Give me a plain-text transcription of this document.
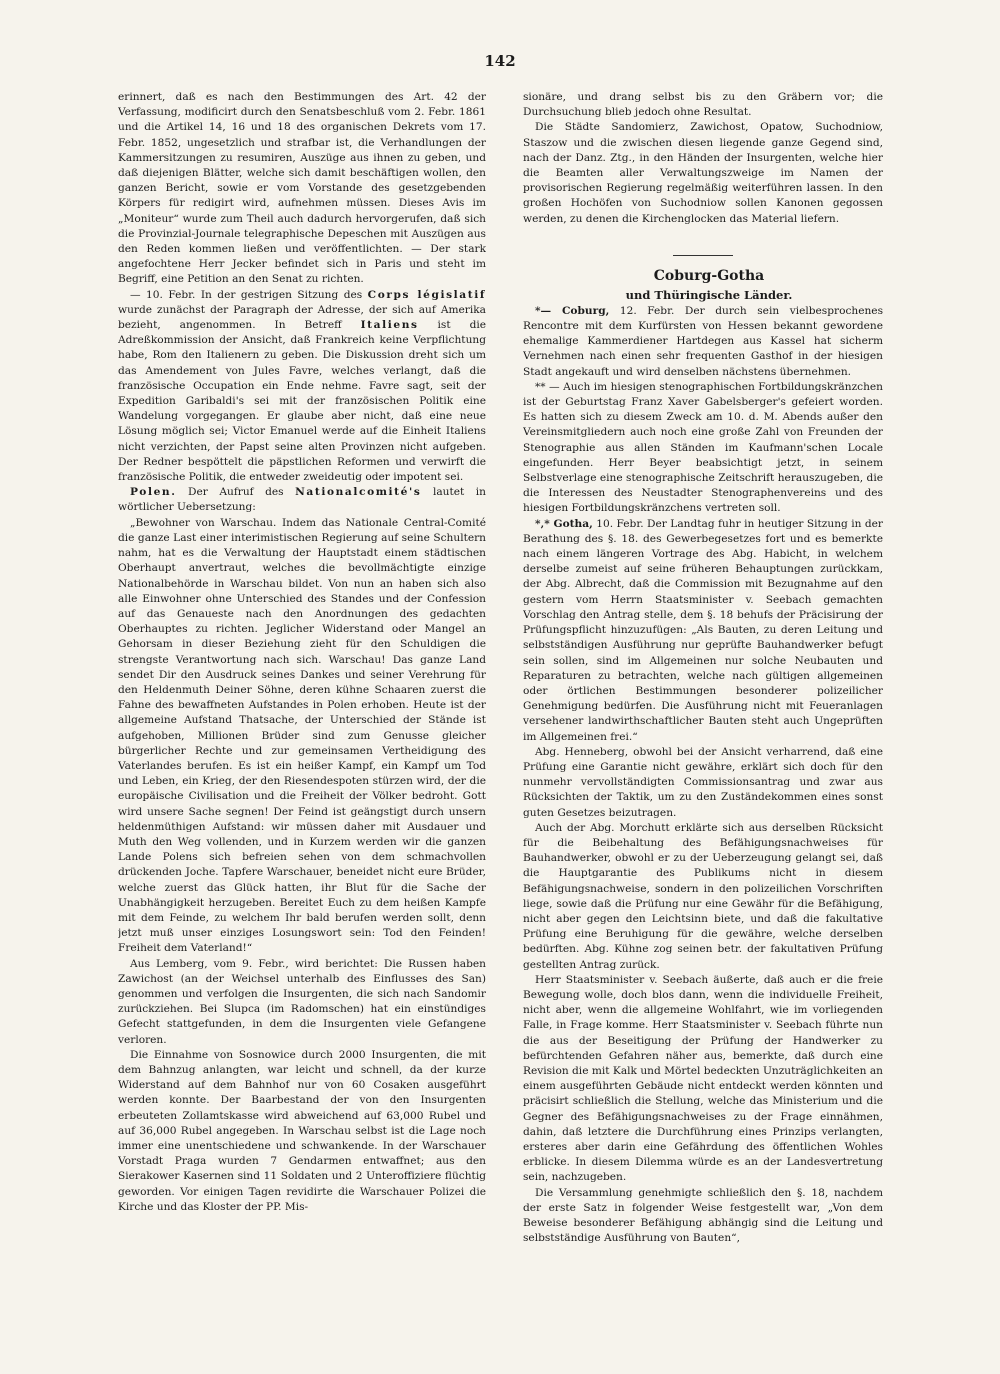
142

erinnert, daß es nach den Bestimmungen des Art. 42 der Verfassung, modificirt durch den Senatsbeschluß vom 2. Febr. 1861 und die Artikel 14, 16 und 18 des organischen Dekrets vom 17. Febr. 1852, ungesetzlich und strafbar ist, die Verhandlungen der Kammersitzungen zu resumiren, Auszüge aus ihnen zu geben, und daß diejenigen Blätter, welche sich damit beschäftigen wollen, den ganzen Bericht, sowie er vom Vorstande des gesetzgebenden Körpers für redigirt wird, aufnehmen müssen. Dieses Avis im „Moniteur“ wurde zum Theil auch dadurch hervorgerufen, daß sich die Provinzial-Journale telegraphische Depeschen mit Auszügen aus den Reden kommen ließen und veröffentlichten. — Der stark angefochtene Herr Jecker befindet sich in Paris und steht im Begriff, eine Petition an den Senat zu richten.

— 10. Febr. In der gestrigen Sitzung des Corps législatif wurde zunächst der Paragraph der Adresse, der sich auf Amerika bezieht, angenommen. In Betreff Italiens ist die Adreßkommission der Ansicht, daß Frankreich keine Verpflichtung habe, Rom den Italienern zu geben. Die Diskussion dreht sich um das Amendement von Jules Favre, welches verlangt, daß die französische Occupation ein Ende nehme. Favre sagt, seit der Expedition Garibaldi's sei mit der französischen Politik eine Wandelung vorgegangen. Er glaube aber nicht, daß eine neue Lösung möglich sei; Victor Emanuel werde auf die Einheit Italiens nicht verzichten, der Papst seine alten Provinzen nicht aufgeben. Der Redner bespöttelt die päpstlichen Reformen und verwirft die französische Politik, die entweder zweideutig oder impotent sei.

Polen. Der Aufruf des Nationalcomité's lautet in wörtlicher Uebersetzung:

„Bewohner von Warschau. Indem das Nationale Central-Comité die ganze Last einer interimistischen Regierung auf seine Schultern nahm, hat es die Verwaltung der Hauptstadt einem städtischen Oberhaupt anvertraut, welches die bevollmächtigte einzige Nationalbehörde in Warschau bildet. Von nun an haben sich also alle Einwohner ohne Unterschied des Standes und der Confession auf das Genaueste nach den Anordnungen des gedachten Oberhauptes zu richten. Jeglicher Widerstand oder Mangel an Gehorsam in dieser Beziehung zieht für den Schuldigen die strengste Verantwortung nach sich. Warschau! Das ganze Land sendet Dir den Ausdruck seines Dankes und seiner Verehrung für den Heldenmuth Deiner Söhne, deren kühne Schaaren zuerst die Fahne des bewaffneten Aufstandes in Polen erhoben. Heute ist der allgemeine Aufstand Thatsache, der Unterschied der Stände ist aufgehoben, Millionen Brüder sind zum Genusse gleicher bürgerlicher Rechte und zur gemeinsamen Vertheidigung des Vaterlandes berufen. Es ist ein heißer Kampf, ein Kampf um Tod und Leben, ein Krieg, der den Riesendespoten stürzen wird, der die europäische Civilisation und die Freiheit der Völker bedroht. Gott wird unsere Sache segnen! Der Feind ist geängstigt durch unsern heldenmüthigen Aufstand: wir müssen daher mit Ausdauer und Muth den Weg vollenden, und in Kurzem werden wir die ganzen Lande Polens sich befreien sehen von dem schmachvollen drückenden Joche. Tapfere Warschauer, beneidet nicht eure Brüder, welche zuerst das Glück hatten, ihr Blut für die Sache der Unabhängigkeit herzugeben. Bereitet Euch zu dem heißen Kampfe mit dem Feinde, zu welchem Ihr bald berufen werden sollt, denn jetzt muß unser einziges Losungswort sein: Tod den Feinden! Freiheit dem Vaterland!“

Aus Lemberg, vom 9. Febr., wird berichtet: Die Russen haben Zawichost (an der Weichsel unterhalb des Einflusses des San) genommen und verfolgen die Insurgenten, die sich nach Sandomir zurückziehen. Bei Slupca (im Radomschen) hat ein einstündiges Gefecht stattgefunden, in dem die Insurgenten viele Gefangene verloren.

Die Einnahme von Sosnowice durch 2000 Insurgenten, die mit dem Bahnzug anlangten, war leicht und schnell, da der kurze Widerstand auf dem Bahnhof nur von 60 Cosaken ausgeführt werden konnte. Der Baarbestand der von den Insurgenten erbeuteten Zollamtskasse wird abweichend auf 63,000 Rubel und auf 36,000 Rubel angegeben. In Warschau selbst ist die Lage noch immer eine unentschiedene und schwankende. In der Warschauer Vorstadt Praga wurden 7 Gendarmen entwaffnet; aus den Sierakower Kasernen sind 11 Soldaten und 2 Unteroffiziere flüchtig geworden. Vor einigen Tagen revidirte die Warschauer Polizei die Kirche und das Kloster der PP. Mis-

sionäre, und drang selbst bis zu den Gräbern vor; die Durchsuchung blieb jedoch ohne Resultat.

Die Städte Sandomierz, Zawichost, Opatow, Suchodniow, Staszow und die zwischen diesen liegende ganze Gegend sind, nach der Danz. Ztg., in den Händen der Insurgenten, welche hier die Beamten aller Verwaltungszweige im Namen der provisorischen Regierung regelmäßig weiterführen lassen. In den großen Hochöfen von Suchodniow sollen Kanonen gegossen werden, zu denen die Kirchenglocken das Material liefern.

Coburg-Gotha

und Thüringische Länder.

*— Coburg, 12. Febr. Der durch sein vielbesprochenes Rencontre mit dem Kurfürsten von Hessen bekannt gewordene ehemalige Kammerdiener Hartdegen aus Kassel hat sicherm Vernehmen nach einen sehr frequenten Gasthof in der hiesigen Stadt angekauft und wird denselben nächstens übernehmen.

** — Auch im hiesigen stenographischen Fortbildungskränzchen ist der Geburtstag Franz Xaver Gabelsberger's gefeiert worden. Es hatten sich zu diesem Zweck am 10. d. M. Abends außer den Vereinsmitgliedern auch noch eine große Zahl von Freunden der Stenographie aus allen Ständen im Kaufmann'schen Locale eingefunden. Herr Beyer beabsichtigt jetzt, in seinem Selbstverlage eine stenographische Zeitschrift herauszugeben, die die Interessen des Neustadter Stenographenvereins und des hiesigen Fortbildungskränzchens vertreten soll.

*‚* Gotha, 10. Febr. Der Landtag fuhr in heutiger Sitzung in der Berathung des §. 18. des Gewerbegesetzes fort und es bemerkte nach einem längeren Vortrage des Abg. Habicht, in welchem derselbe zumeist auf seine früheren Behauptungen zurückkam, der Abg. Albrecht, daß die Commission mit Bezugnahme auf den gestern vom Herrn Staatsminister v. Seebach gemachten Vorschlag den Antrag stelle, dem §. 18 behufs der Präcisirung der Prüfungspflicht hinzuzufügen: „Als Bauten, zu deren Leitung und selbstständigen Ausführung nur geprüfte Bauhandwerker befugt sein sollen, sind im Allgemeinen nur solche Neubauten und Reparaturen zu betrachten, welche nach gültigen allgemeinen oder örtlichen Bestimmungen besonderer polizeilicher Genehmigung bedürfen. Die Ausführung nicht mit Feueranlagen versehener landwirthschaftlicher Bauten steht auch Ungeprüften im Allgemeinen frei.“

Abg. Henneberg, obwohl bei der Ansicht verharrend, daß eine Prüfung eine Garantie nicht gewähre, erklärt sich doch für den nunmehr vervollständigten Commissionsantrag und zwar aus Rücksichten der Taktik, um zu den Zuständekommen eines sonst guten Gesetzes beizutragen.

Auch der Abg. Morchutt erklärte sich aus derselben Rücksicht für die Beibehaltung des Befähigungsnachweises für Bauhandwerker, obwohl er zu der Ueberzeugung gelangt sei, daß die Hauptgarantie des Publikums nicht in diesem Befähigungsnachweise, sondern in den polizeilichen Vorschriften liege, sowie daß die Prüfung nur eine Gewähr für die Befähigung, nicht aber gegen den Leichtsinn biete, und daß die fakultative Prüfung eine Beruhigung für die gewähre, welche derselben bedürften. Abg. Kühne zog seinen betr. der fakultativen Prüfung gestellten Antrag zurück.

Herr Staatsminister v. Seebach äußerte, daß auch er die freie Bewegung wolle, doch blos dann, wenn die individuelle Freiheit, nicht aber, wenn die allgemeine Wohlfahrt, wie im vorliegenden Falle, in Frage komme. Herr Staatsminister v. Seebach führte nun die aus der Beseitigung der Prüfung der Handwerker zu befürchtenden Gefahren näher aus, bemerkte, daß durch eine Revision die mit Kalk und Mörtel bedeckten Unzuträglichkeiten an einem ausgeführten Gebäude nicht entdeckt werden könnten und präcisirt schließlich die Stellung, welche das Ministerium und die Gegner des Befähigungsnachweises zu der Frage einnähmen, dahin, daß letztere die Durchführung eines Prinzips verlangten, ersteres aber darin eine Gefährdung des öffentlichen Wohles erblicke. In diesem Dilemma würde es an der Landesvertretung sein, nachzugeben.

Die Versammlung genehmigte schließlich den §. 18, nachdem der erste Satz in folgender Weise festgestellt war, „Von dem Beweise besonderer Befähigung abhängig sind die Leitung und selbstständige Ausführung von Bauten“,
